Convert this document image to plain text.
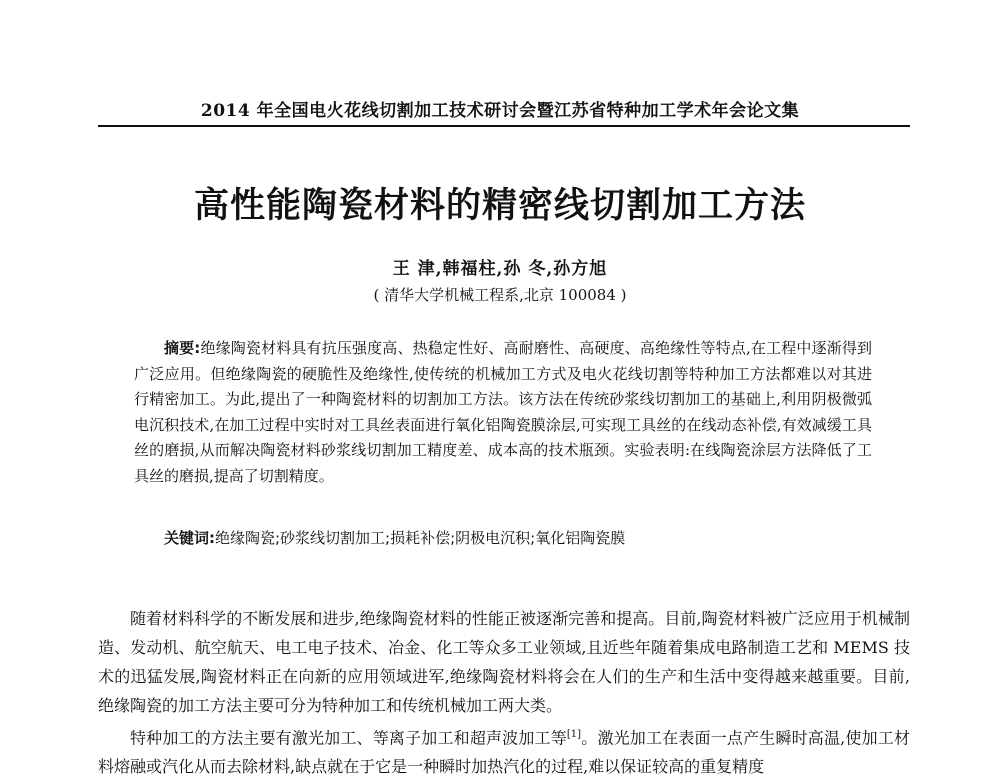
2014 年全国电火花线切割加工技术研讨会暨江苏省特种加工学术年会论文集
高性能陶瓷材料的精密线切割加工方法
王 津,韩福柱,孙 冬,孙方旭
( 清华大学机械工程系,北京 100084 )

摘要:绝缘陶瓷材料具有抗压强度高、热稳定性好、高耐磨性、高硬度、高绝缘性等特点,在工程中逐渐得到广泛应用。但绝缘陶瓷的硬脆性及绝缘性,使传统的机械加工方式及电火花线切割等特种加工方法都难以对其进行精密加工。为此,提出了一种陶瓷材料的切割加工方法。该方法在传统砂浆线切割加工的基础上,利用阴极微弧电沉积技术,在加工过程中实时对工具丝表面进行氧化铝陶瓷膜涂层,可实现工具丝的在线动态补偿,有效减缓工具丝的磨损,从而解决陶瓷材料砂浆线切割加工精度差、成本高的技术瓶颈。实验表明:在线陶瓷涂层方法降低了工具丝的磨损,提高了切割精度。

关键词:绝缘陶瓷;砂浆线切割加工;损耗补偿;阴极电沉积;氧化铝陶瓷膜

随着材料科学的不断发展和进步,绝缘陶瓷材料的性能正被逐渐完善和提高。目前,陶瓷材料被广泛应用于机械制造、发动机、航空航天、电工电子技术、冶金、化工等众多工业领域,且近些年随着集成电路制造工艺和 MEMS 技术的迅猛发展,陶瓷材料正在向新的应用领域进军,绝缘陶瓷材料将会在人们的生产和生活中变得越来越重要。目前,绝缘陶瓷的加工方法主要可分为特种加工和传统机械加工两大类。

特种加工的方法主要有激光加工、等离子加工和超声波加工等[1]。激光加工在表面一点产生瞬时高温,使加工材料熔融或汽化从而去除材料,缺点就在于它是一种瞬时加热汽化的过程,难以保证较高的重复精度
